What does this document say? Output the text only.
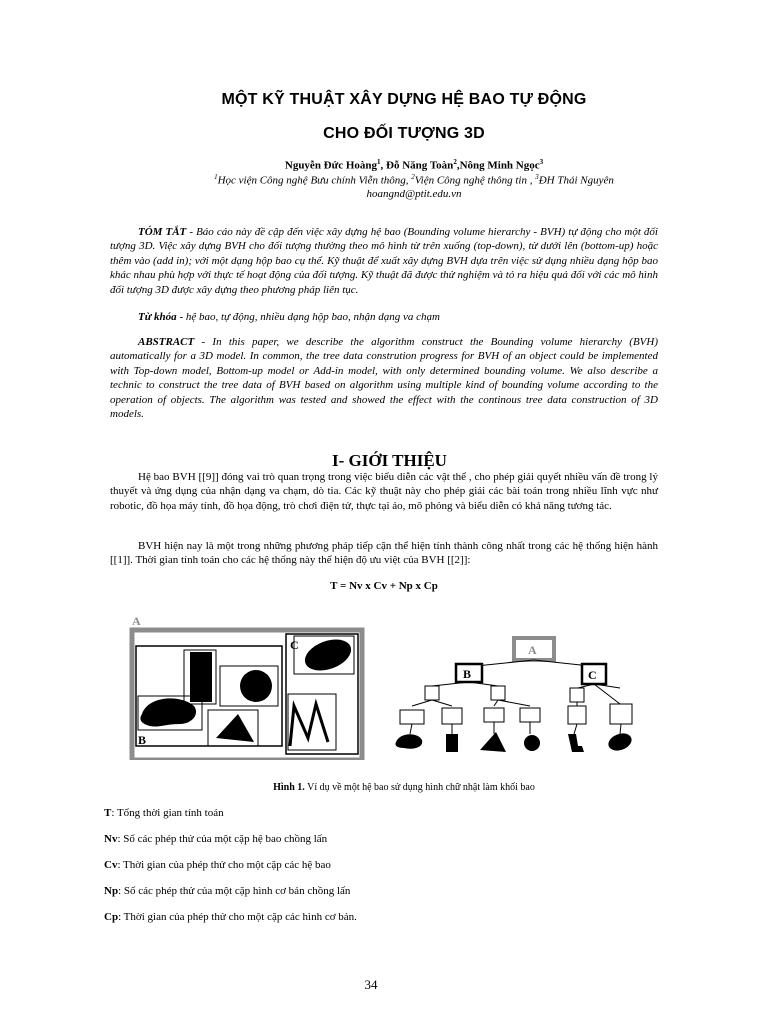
MỘT KỸ THUẬT XÂY DỰNG HỆ BAO TỰ ĐỘNG
CHO ĐỐI TƯỢNG 3D
Nguyễn Đức Hoàng$^1$, Đỗ Năng Toàn$^2$,Nông Minh Ngọc$^3$
$^1$Học viện Công nghệ Bưu chính Viễn thông, $^2$Viện Công nghệ thông tin , $^3$ĐH Thái Nguyên
hoangnd@ptit.edu.vn
TÓM TẮT - Báo cáo này đề cập đến việc xây dựng hệ bao (Bounding volume hierarchy - BVH) tự động cho một đối tượng 3D. Việc xây dựng BVH cho đối tượng thường theo mô hình từ trên xuống (top-down), từ dưới lên (bottom-up) hoặc thêm vào (add in); với một dạng hộp bao cụ thể. Kỹ thuật để xuất xây dựng BVH dựa trên việc sử dụng nhiều dạng hộp bao khác nhau phù hợp với thực tế hoạt động của đối tượng. Kỹ thuật đã được thử nghiệm và tỏ ra hiệu quả đối với các mô hình đối tượng 3D được xây dựng theo phương pháp liên tục.
Từ khóa - hệ bao, tự động, nhiều dạng hộp bao, nhận dạng va chạm
ABSTRACT - In this paper, we describe the algorithm construct the Bounding volume hierarchy (BVH) automatically for a 3D model. In common, the tree data constrution progress for BVH of an object could be implemented with Top-down model, Bottom-up model or Add-in model, with only determined bounding volume. We also describe a technic to construct the tree data of BVH based on algorithm using multiple kind of bounding volume according to the operation of objects. The algorithm was tested and showed the effect with the continous tree data construction of 3D models.
I- GIỚI THIỆU
Hệ bao BVH [[9]] đóng vai trò quan trọng trong việc biểu diễn các vật thể , cho phép giải quyết nhiều vấn đề trong lý thuyết và ứng dụng của nhận dạng va chạm, dò tia. Các kỹ thuật này cho phép giải các bài toán trong nhiều lĩnh vực như robotic, đồ họa máy tính, đồ họa động, trò chơi điện tử, thực tại ảo, mô phỏng và biểu diễn có khả năng tương tác.
BVH hiện nay là một trong những phương pháp tiếp cận thể hiện tính thành công nhất trong các hệ thống hiện hành [[1]]. Thời gian tính toán cho các hệ thống này thể hiện độ ưu việt của BVH [[2]]:
T = Nv x Cv + Np x Cp
A
B
C	A
B	C
Hình 1. Ví dụ về một hệ bao sử dụng hình chữ nhật làm khối bao
T: Tổng thời gian tính toán
Nv: Số các phép thử của một cặp hệ bao chồng lấn
Cv: Thời gian của phép thử cho một cặp các hệ bao
Np: Số các phép thử của một cặp hình cơ bản chồng lấn
Cp: Thời gian của phép thử cho một cặp các hình cơ bản.
34
